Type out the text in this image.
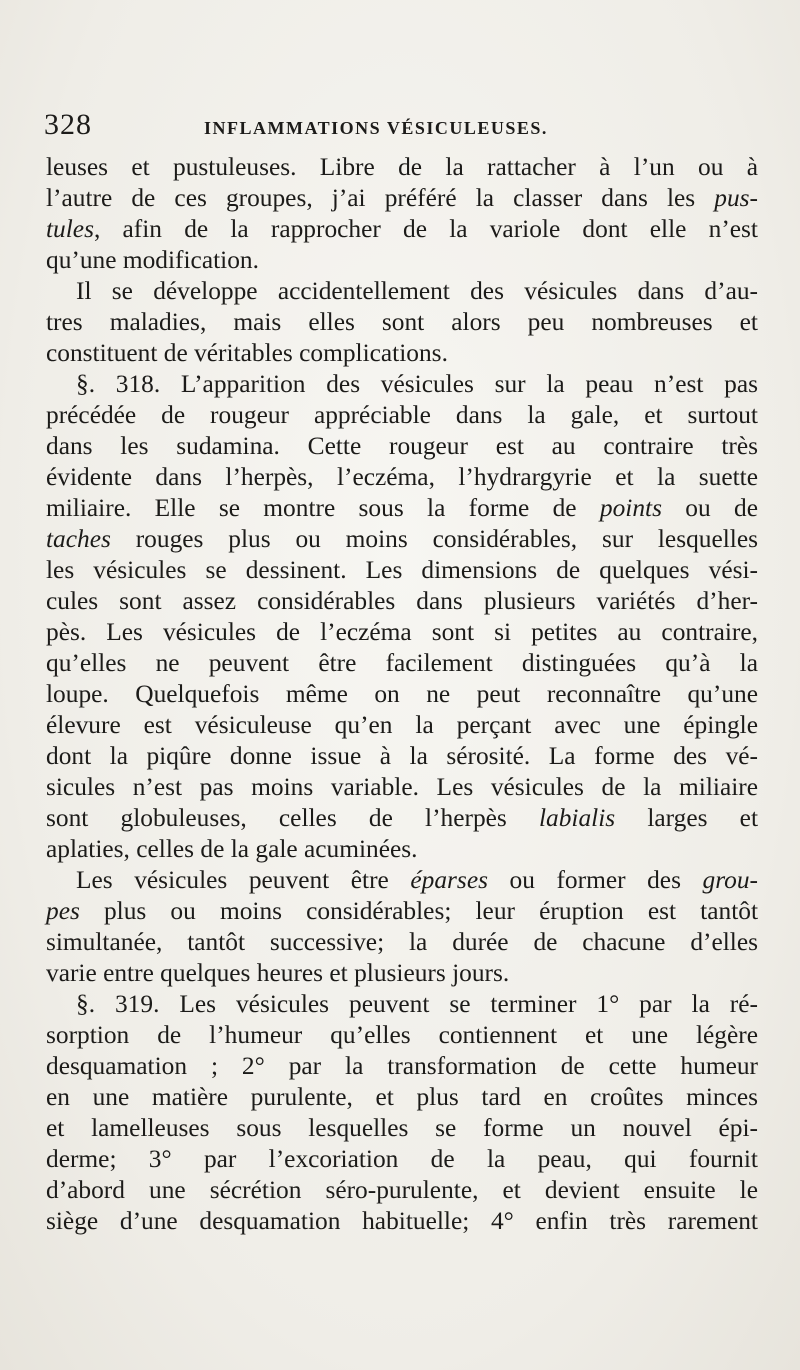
328	INFLAMMATIONS VÉSICULEUSES.
leuses et pustuleuses. Libre de la rattacher à l’un ou à
l’autre de ces groupes, j’ai préféré la classer dans les pus-
tules, afin de la rapprocher de la variole dont elle n’est
qu’une modification.
Il se développe accidentellement des vésicules dans d’au-
tres maladies, mais elles sont alors peu nombreuses et
constituent de véritables complications.
§. 318. L’apparition des vésicules sur la peau n’est pas
précédée de rougeur appréciable dans la gale, et surtout
dans les sudamina. Cette rougeur est au contraire très
évidente dans l’herpès, l’eczéma, l’hydrargyrie et la suette
miliaire. Elle se montre sous la forme de points ou de
taches rouges plus ou moins considérables, sur lesquelles
les vésicules se dessinent. Les dimensions de quelques vési-
cules sont assez considérables dans plusieurs variétés d’her-
pès. Les vésicules de l’eczéma sont si petites au contraire,
qu’elles ne peuvent être facilement distinguées qu’à la
loupe. Quelquefois même on ne peut reconnaître qu’une
élevure est vésiculeuse qu’en la perçant avec une épingle
dont la piqûre donne issue à la sérosité. La forme des vé-
sicules n’est pas moins variable. Les vésicules de la miliaire
sont globuleuses, celles de l’herpès labialis larges et
aplaties, celles de la gale acuminées.
Les vésicules peuvent être éparses ou former des grou-
pes plus ou moins considérables; leur éruption est tantôt
simultanée, tantôt successive; la durée de chacune d’elles
varie entre quelques heures et plusieurs jours.
§. 319. Les vésicules peuvent se terminer 1° par la ré-
sorption de l’humeur qu’elles contiennent et une légère
desquamation ; 2° par la transformation de cette humeur
en une matière purulente, et plus tard en croûtes minces
et lamelleuses sous lesquelles se forme un nouvel épi-
derme; 3° par l’excoriation de la peau, qui fournit
d’abord une sécrétion séro-purulente, et devient ensuite le
siège d’une desquamation habituelle; 4° enfin très rarement
